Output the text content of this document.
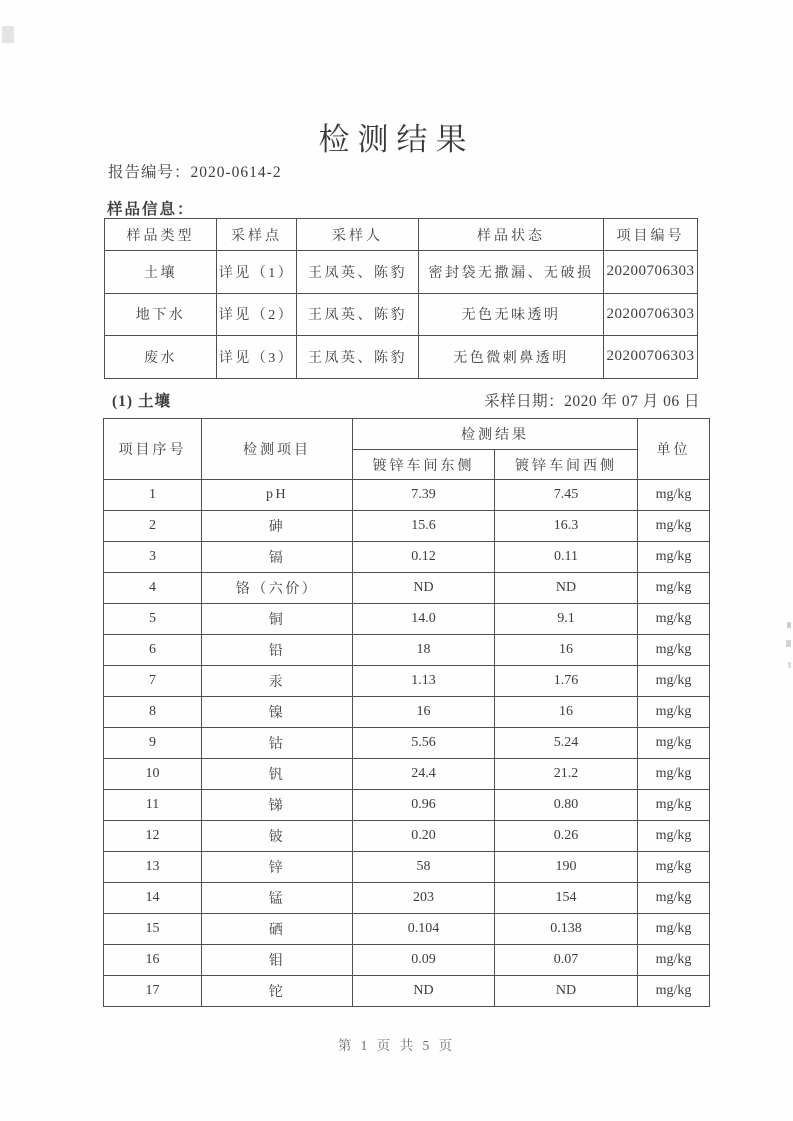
检测结果
报告编号：2020-0614-2
样品信息：
样品类型	采样点	采样人	样品状态	项目编号
土壤	详见（1）	王凤英、陈豹	密封袋无撒漏、无破损	20200706303
地下水	详见（2）	王凤英、陈豹	无色无味透明	20200706303
废水	详见（3）	王凤英、陈豹	无色微刺鼻透明	20200706303
(1) 土壤	采样日期：2020 年 07 月 06 日
项目序号	检测项目	检测结果		单位
		镀锌车间东侧	镀锌车间西侧	
1	pH	7.39	7.45	mg/kg
2	砷	15.6	16.3	mg/kg
3	镉	0.12	0.11	mg/kg
4	铬（六价）	ND	ND	mg/kg
5	铜	14.0	9.1	mg/kg
6	铅	18	16	mg/kg
7	汞	1.13	1.76	mg/kg
8	镍	16	16	mg/kg
9	钴	5.56	5.24	mg/kg
10	钒	24.4	21.2	mg/kg
11	锑	0.96	0.80	mg/kg
12	铍	0.20	0.26	mg/kg
13	锌	58	190	mg/kg
14	锰	203	154	mg/kg
15	硒	0.104	0.138	mg/kg
16	钼	0.09	0.07	mg/kg
17	铊	ND	ND	mg/kg
第 1 页 共 5 页
